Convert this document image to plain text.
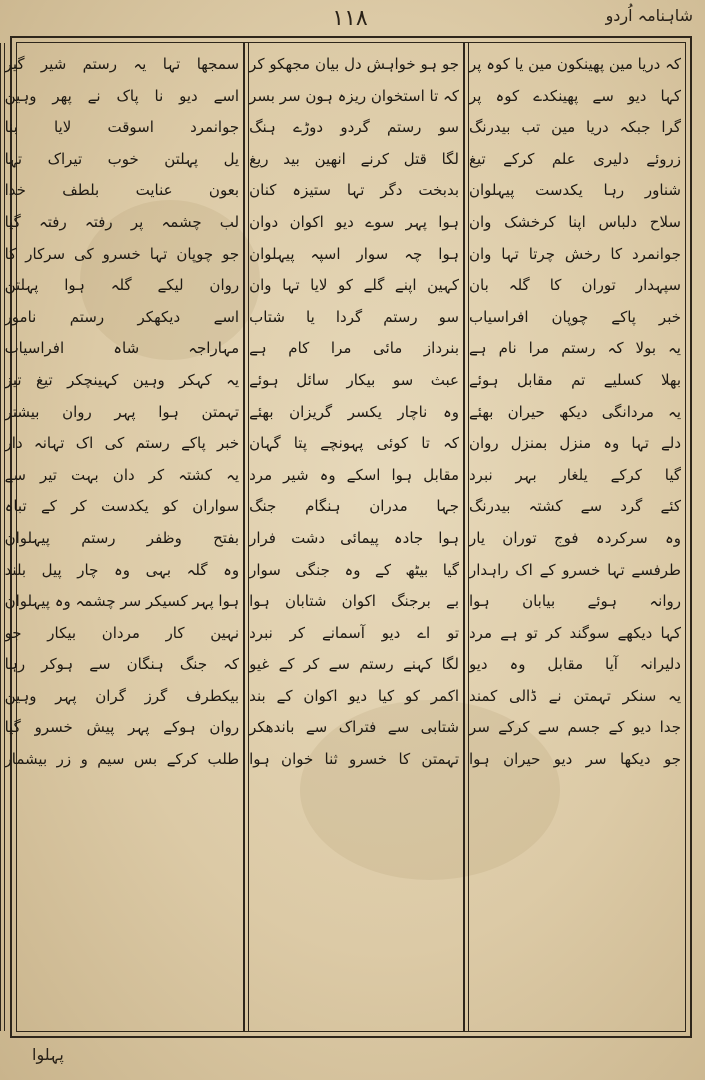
۱۱۸	شاہنامہ اُردو
کہ دریا مین پھینکون مین یا کوہ پر
کہا دیو سے پھینکدے کوہ پر
گرا جبکہ دریا مین تب بیدرنگ
زروئے دلیری علم کرکے تیغ
شناور رہا یکدست پیہلوان
سلاح دلباس اپنا کرخشک وان
جوانمرد کا رخش چرتا تہا وان
سپہدار توران کا گلہ بان
خبر پاکے چوپان افراسیاب
یہ بولا کہ رستم مرا نام ہے
بھلا کسلیے تم مقابل ہوئے
یہ مردانگی دیکھ حیران بھئے
دلے تہا وہ منزل بمنزل روان
گیا کرکے یلغار بہر نبرد
کئے گرد سے کشتہ بیدرنگ
وہ سرکردہ فوج توران یار
طرفسے تہا خسرو کے اک راہدار
روانہ ہوئے بیابان ہوا
کہا دیکھے سوگند کر تو ہے مرد
دلیرانہ آیا مقابل وہ دیو
یہ سنکر تہمتن نے ڈالی کمند
جدا دیو کے جسم سے کرکے سر
جو دیکھا سر دیو حیران ہوا
جو ہو خواہش دل بیان مجھکو کر
کہ تا استخوان ریزہ ہون سر بسر
سو رستم گردو دوڑے ہنگ
لگا قتل کرنے انھین بید ریغ
بدبخت دگر تہا ستیزہ کنان
ہوا پہر سوے دیو اکوان دوان
ہوا چہ سوار اسپہ پیہلوان
کہین اپنے گلے کو لایا تہا وان
سو رستم گردا یا شتاب
بنرداز مائی مرا کام ہے
عبث سو بیکار سائل ہوئے
وہ ناچار یکسر گریزان بھئے
کہ تا کوئی پہونچے پتا گہان
مقابل ہوا اسکے وہ شیر مرد
جہا مدران ہنگام جنگ
ہوا جادہ پیمائی دشت فرار
گیا بیٹھ کے وہ جنگی سوار
بے برجنگ اکوان شتابان ہوا
تو اے دیو آسمانے کر نبرد
لگا کہنے رستم سے کر کے غیو
اکمر کو کیا دیو اکوان کے بند
شتابی سے فتراک سے باندھکر
تہمتن کا خسرو ثنا خوان ہوا
سمجھا تہا یہ رستم شیر گیر
اسے دیو نا پاک نے پھر وہین
جوانمرد اسوقت لایا بنا
یل پہلتن خوب تیراک تہا
بعون عنایت بلطف خدا
لب چشمہ پر رفتہ رفتہ گیا
جو چوپان تہا خسرو کی سرکار کا
روان لیکے گلہ ہوا پہلتن
اسے دیکھکر رستم نامور
مہاراجہ شاہ افراسیاب
یہ کہکر وہین کہینچکر تیغ تیز
تہمتن ہوا پہر روان بیشتر
خبر پاکے رستم کی اک تہانہ دار
یہ کشتہ کر دان بہت تیر سے
سواران کو یکدست کر کے تباہ
بفتح وظفر رستم پیہلوان
وہ گلہ بہی وہ چار پیل بلند
ہوا پہر کسیکر سر چشمہ وہ پیہلوان
نہین کار مردان بیکار جو
کہ جنگ ہنگان سے ہوکر رہا
بیکطرف گرز گران پہر وہین
روان ہوکے پہر پیش خسرو گیا
طلب کرکے بس سیم و زر بیشمار
پہلوا
